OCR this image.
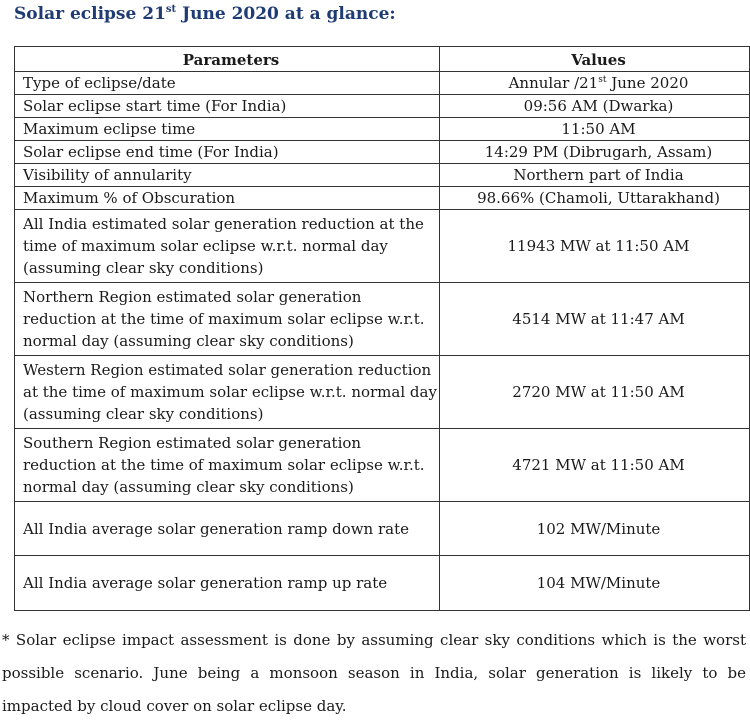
Solar eclipse 21st June 2020 at a glance:
Parameters	Values
Type of eclipse/date	Annular /21st June 2020
Solar eclipse start time (For India)	09:56 AM (Dwarka)
Maximum eclipse time	11:50 AM
Solar eclipse end time (For India)	14:29 PM (Dibrugarh, Assam)
Visibility of annularity	Northern part of India
Maximum % of Obscuration	98.66% (Chamoli, Uttarakhand)
All India estimated solar generation reduction at the time of maximum solar eclipse w.r.t. normal day (assuming clear sky conditions)	11943 MW at 11:50 AM
Northern Region estimated solar generation reduction at the time of maximum solar eclipse w.r.t. normal day (assuming clear sky conditions)	4514 MW at 11:47 AM
Western Region estimated solar generation reduction at the time of maximum solar eclipse w.r.t. normal day (assuming clear sky conditions)	2720 MW at 11:50 AM
Southern Region estimated solar generation reduction at the time of maximum solar eclipse w.r.t. normal day (assuming clear sky conditions)	4721 MW at 11:50 AM
All India average solar generation ramp down rate	102 MW/Minute
All India average solar generation ramp up rate	104 MW/Minute
* Solar eclipse impact assessment is done by assuming clear sky conditions which is the worst possible scenario. June being a monsoon season in India, solar generation is likely to be impacted by cloud cover on solar eclipse day.
